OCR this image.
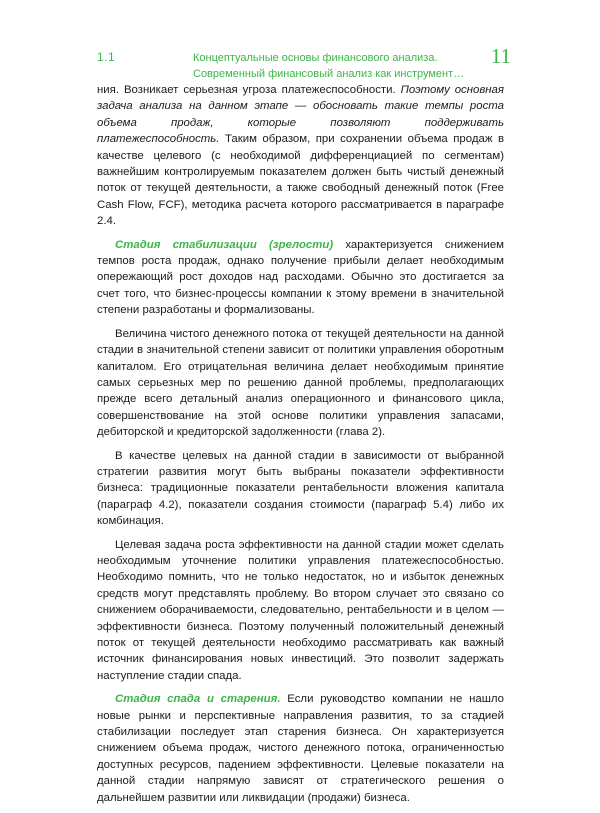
1.1	Концептуальные основы финансового анализа.
Современный финансовый анализ как инструмент…
11

ния. Возникает серьезная угроза платежеспособности. Поэтому основная задача анализа на данном этапе — обосновать такие темпы роста объема продаж, которые позволяют поддерживать платежеспособность. Таким образом, при сохранении объема продаж в качестве целевого (с необходимой дифференциацией по сегментам) важнейшим контролируемым показателем должен быть чистый денежный поток от текущей деятельности, а также свободный денежный поток (Free Cash Flow, FCF), методика расчета которого рассматривается в параграфе 2.4.

Стадия стабилизации (зрелости) характеризуется снижением темпов роста продаж, однако получение прибыли делает необходимым опережающий рост доходов над расходами. Обычно это достигается за счет того, что бизнес-процессы компании к этому времени в значительной степени разработаны и формализованы.

Величина чистого денежного потока от текущей деятельности на данной стадии в значительной степени зависит от политики управления оборотным капиталом. Его отрицательная величина делает необходимым принятие самых серьезных мер по решению данной проблемы, предполагающих прежде всего детальный анализ операционного и финансового цикла, совершенствование на этой основе политики управления запасами, дебиторской и кредиторской задолженности (глава 2).

В качестве целевых на данной стадии в зависимости от выбранной стратегии развития могут быть выбраны показатели эффективности бизнеса: традиционные показатели рентабельности вложения капитала (параграф 4.2), показатели создания стоимости (параграф 5.4) либо их комбинация.

Целевая задача роста эффективности на данной стадии может сделать необходимым уточнение политики управления платежеспособностью. Необходимо помнить, что не только недостаток, но и избыток денежных средств могут представлять проблему. Во втором случает это связано со снижением оборачиваемости, следовательно, рентабельности и в целом — эффективности бизнеса. Поэтому полученный положительный денежный поток от текущей деятельности необходимо рассматривать как важный источник финансирования новых инвестиций. Это позволит задержать наступление стадии спада.

Стадия спада и старения. Если руководство компании не нашло новые рынки и перспективные направления развития, то за стадией стабилизации последует этап старения бизнеса. Он характеризуется снижением объема продаж, чистого денежного потока, ограниченностью доступных ресурсов, падением эффективности. Целевые показатели на данной стадии напрямую зависят от стратегического решения о дальнейшем развитии или ликвидации (продажи) бизнеса.
